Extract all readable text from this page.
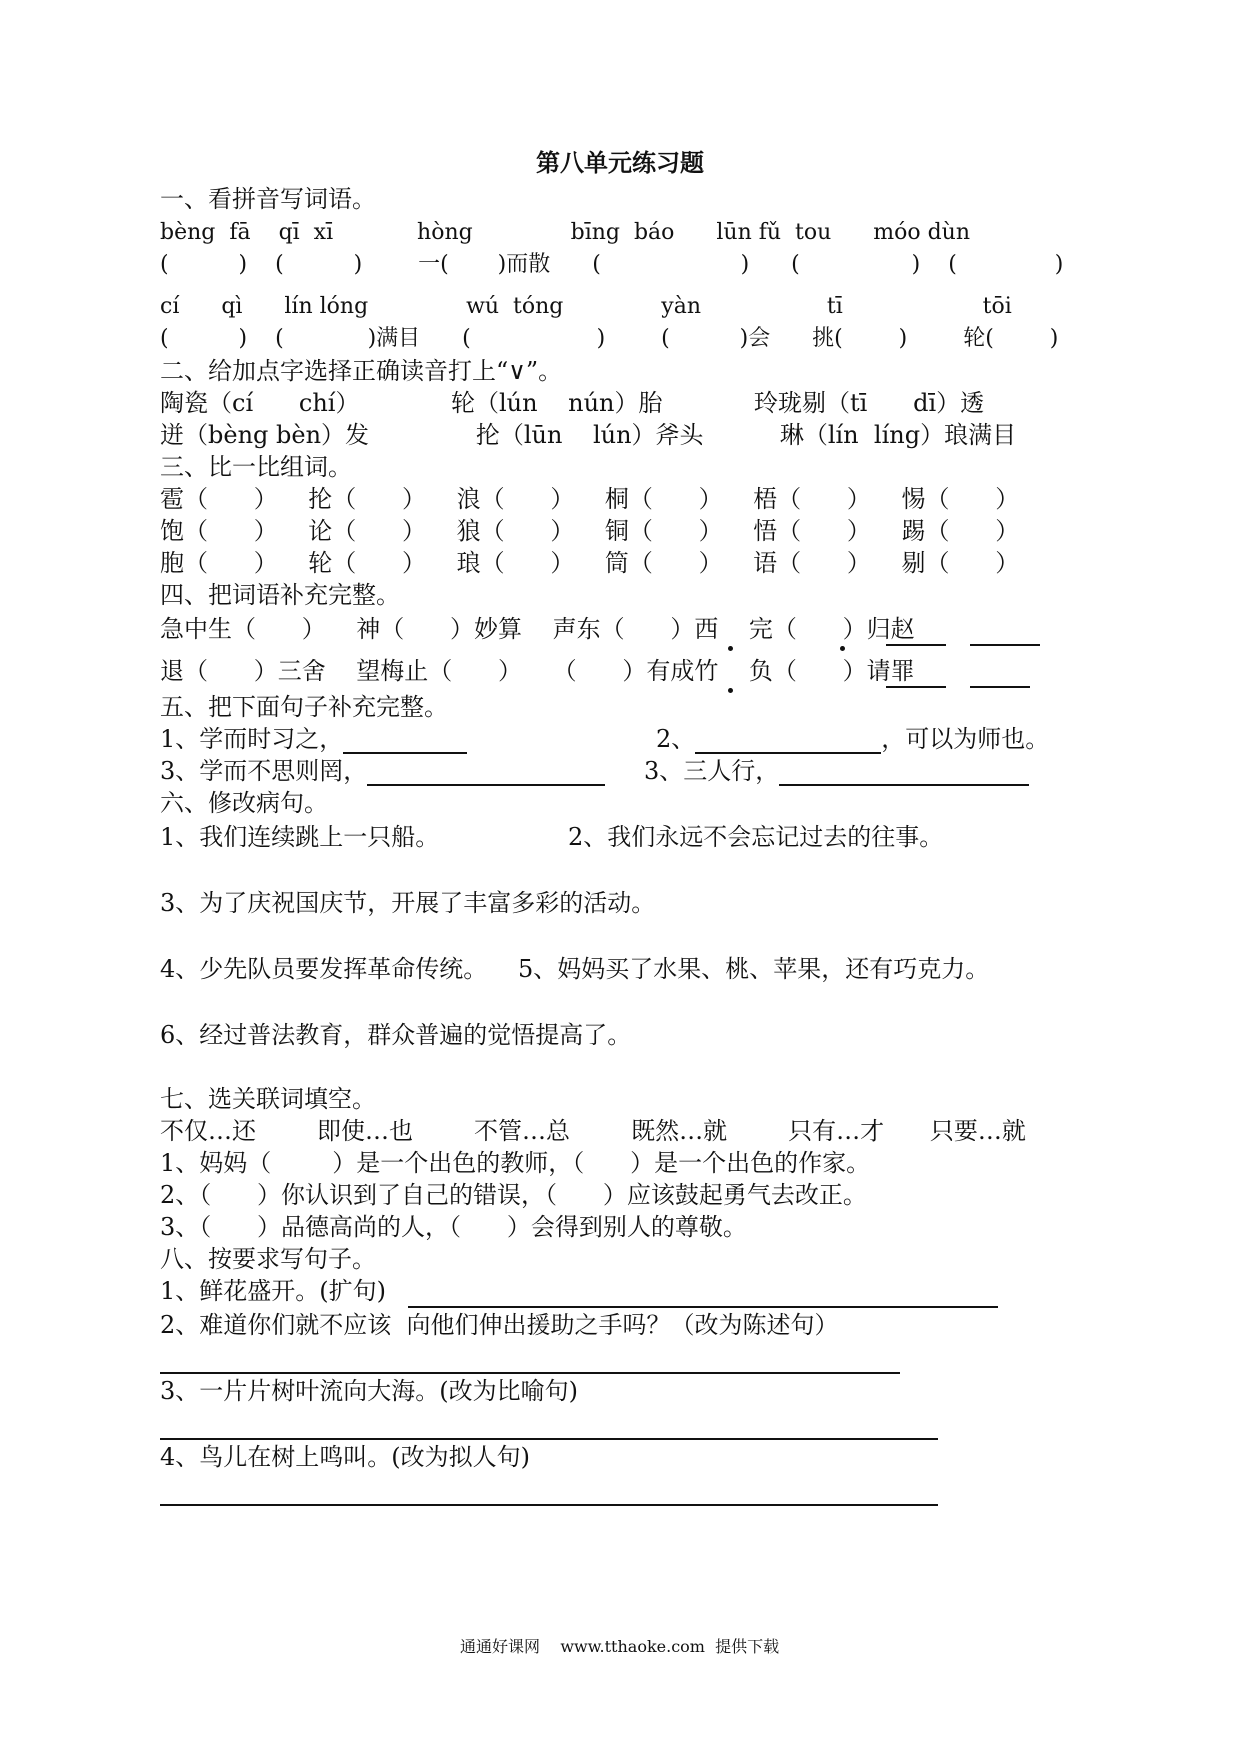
第八单元练习题
一、看拼音写词语。
bèng  fā    qī  xī            hòng              bīng  báo      lūn fǔ  tou      móo dùn
(          )    (          )        一(       )而散      (                    )      (                )    (              )
cí      qì      lín lóng              wú  tóng              yàn                  tī                    tōi
(          )    (            )满目      (                  )        (          )会      挑(        )        轮(        )
二、给加点字选择正确读音打上“∨”。
陶瓷（cí      chí）            轮（lún    nún）胎            玲珑剔（tī      dī）透
迸（bèng bèn）发              抡（lūn    lún）斧头          琳（lín  líng）琅满目
三、比一比组词。
雹（      ）    抡（      ）    浪（      ）    桐（      ）    梧（      ）    惕（      ）
饱（      ）    论（      ）    狼（      ）    铜（      ）    悟（      ）    踢（      ）
胞（      ）    轮（      ）    琅（      ）    筒（      ）    语（      ）    剔（      ）
四、把词语补充完整。
急中生（      ）    神（      ）妙算    声东（      ）西    完（      ）归赵
退（      ）三舍    望梅止（      ）    （      ）有成竹    负（      ）请罪
五、把下面句子补充完整。
1、学而时习之，	2、	，可以为师也。
3、学而不思则罔，	3、三人行，
六、修改病句。
1、我们连续跳上一只船。	2、我们永远不会忘记过去的往事。
3、为了庆祝国庆节，开展了丰富多彩的活动。
4、少先队员要发挥革命传统。 5、妈妈买了水果、桃、苹果，还有巧克力。
6、经过普法教育，群众普遍的觉悟提高了。
七、选关联词填空。
不仅…还        即使…也        不管…总        既然…就        只有…才      只要…就
1、妈妈（        ）是一个出色的教师，（      ）是一个出色的作家。
2、（      ）你认识到了自己的错误，（      ）应该鼓起勇气去改正。
3、（      ）品德高尚的人，（      ）会得到别人的尊敬。
八、按要求写句子。
1、鲜花盛开。(扩句)
2、难道你们就不应该  向他们伸出援助之手吗？（改为陈述句）
3、一片片树叶流向大海。(改为比喻句)
4、鸟儿在树上鸣叫。(改为拟人句)
通通好课网    www.tthaoke.com  提供下载
